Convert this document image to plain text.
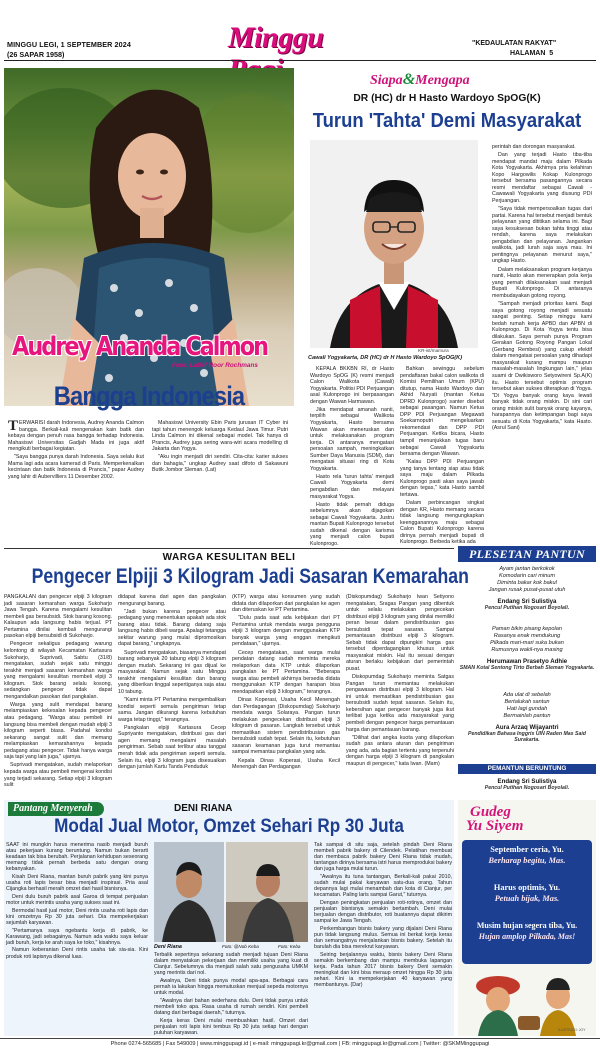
MINGGU LEGI, 1 SEPTEMBER 2024
(26 SAPAR 1958)
Minggu	"KEDAULATAN RAKYAT"
HALAMAN  5
Audrey Ananda Calmon
Foto: Latief Noor Rochmans
Bangga Indonesia

TERWARISI darah Indonesia, Audrey Ananda Calmon bangga. Berkali-kali mengenakan kain batik dan kebaya dengan penuh rasa bangga terhadap Indonesia. Mahasiswi Universitas Gadjah Mada ini juga aktif mengikuti berbagai kegiatan.

"Saya bangga punya darah Indonesia. Saya selalu ikut Mama lagi ada acara kamerad di Paris. Memperkenalkan kecintaan dan batik Indonesia di Prancis," papar Audrey yang lahir di Aubervilliers 11 Desember 2002.

Mahasiswi University Ebin Paris jurusan IT Cyber ini tapi tahun menengok keluarga Kedaul Jawa Timur. Putri Linda Calmon ini dikenal sebagai model. Tak hanya di Prancis, Audrey juga sering wara-wiri acara modelling di Jakarta dan Yogya.

"Aku ingin menjadi diri sendiri. Cita-cita: karier sukses dan bahagia," ungkap Audrey saat difoto di Sakawuni Butik Jombor Sleman. (Lat)

Siapa&Mengapa
DR (HC) dr H Hasto Wardoyo SpOG(K)
Turun 'Tahta' Demi Masyarakat
KR-ist/mamura
Cawali Yogyakarta, DR (HC) dr H Hasto Wardoyo SpOG(K)

KEPALA BKKBN RI, dr Hasto Wardoyo SpOG (K) resmi menjadi Calon Walikota (Cawali) Yogyakarta. Politisi PDI Perjuangan asal Kulonprogo ini berpasangan dengan Wawan Harmawan.

Jika mendapat amanah nanti, terpilih sebagai Walikota Yogyakarta, Hasto bersama Wawan akan meneruskan dan untuk melaksanakan program kerja. Di antaranya mengatasi persoalan sampah, meningkatkan Sumber Daya Manusia (SDM), dan mengatasi situasi ring di Kota Yogyakarta.

Hasto rela 'turun tahta' menjadi Cawali Yogyakarta demi pengabdian dan melayani masyarakat Yogya.

Hasto tidak pernah diduga sebelumnya akan dijagokan sebagai Cawali Yogyakarta. Justru mantan Bupati Kulonprogo tersebut sudah dikenal dengan karisma yang menjadi calon bupati Kulonprogo.

Bahkan sewinggu sebelum pendaftaran bakal calon walikota di Komisi Pemilihan Umum (KPU) ditutup, nama Hasto Wardoyo dan Akhid Nuryati (mantan Ketua DPRD Kulonprogo) santer disebut sebagai pasangan. Namun Ketua DPP PDI Perjuangan Megawati Soekarnoputri mengeluarkan rekomendasi dan DPP PDI Perjuangan. Ketika bicara, Hasto tampil menunjukkan tugas baru sebagai Cawali Yogyakarta bersama dengan Wawan.

"Kalau DPP PDI Perjuangan yang tanya tentang siap atau tidak saya maju dalam Pilkada Kulonprogo pasti akan saya jawab dengan tegas," kata Hasto sambil tertawa.

Dalam perbincangan singkat dengan KR, Hasto memang secara tidak langsung mengungkapkan keengganannya maju sebagai Calon Bupati Kulonprogo karena dirinya pernah menjadi bupati di Kulonprogo. Berbeda ketika ada

perintah dan dorongan masyarakat.

Dan yang terjadi Hasto tiba-tiba mendapat mandat maju dalam Pilkada Kota Yogyakarta. Akhirnya pria kelahiran Kopo Hargowilis Kokap Kulonprogo tersebut bersama pasangannya secara resmi mendaftar sebagai Cawali - Cawawali Yogyakarta yang diusung PDI Perjuangan.

"Saya tidak mempersoalkan tugas dari partai. Karena hal tersebut menjadi bentuk pelayanan yang dititikan selama ini. Bagi saya kesuksesan bukan tahta tinggi atau rendah, karena saya melakukan pengabdian dan pelayanan. Jangankan walikota, jadi lurah saja saya mau. Ini pentingnya pelayanan menurut saya," ungkap Hasto.

Dalam melaksanakan program kerjanya nanti, Hasto akan menerapkan pola kerja yang pernah dilaksanakan saat menjadi Bupati Kulonprogo. Di antaranya membudayakan gotong royong.

"Sampah menjadi prioritas kami. Bagi saya gotong royong menjadi sesuatu sangat penting. Setiap minggu kami bedah rumah kerja APBD dan APBN di Kulonprogo. Di Kota Yogya tentu bisa dilakukan. Saya pernah punya Program Gerakan Gotong Royong Pangan Lokal (Gerbang Rembesi) yang cukup efektif dalam mengatasi persoalan yang dihadapi masyarakat kurang mampu maupun masalah-masalah lingkungan lain," jelas suami dr Dwikisworo Setyowireni Sp.A(K) itu. Hasto tersebut optimis program tersebut akan sukses diterapkan di Yogya. "Di Yogya banyak orang kaya lewati banyak tidak orang miskin. Di sini cari orang miskin sulit banyak orang kayanya, harapannya dan ketimpangan bagi saya sesuatu di Kota Yogyakarta," kata Hasto. (Asrul Sani)

WARGA KESULITAN BELI
Pengecer Elpiji 3 Kilogram Jadi Sasaran Kemarahan

PANGKALAN dan pengecer elpiji 3 kilogram jadi sasaran kemarahan warga Sukoharjo Jawa Tengah. Karena mengalami kesulitan membeli gas bersubsidi. Stok barang kosong. Kalaupun ada langsung habis terjual. PT Pertamina dinilai kembali mengurangi pasokan elpiji bersubsidi di Sukoharjo.

Pengecer sekaligus pedagang warung kelontong di wilayah Kecamatan Kartasura Sukoharjo, Suprivadi, Sabtu (31/8) mengatakan, sudah sejak satu minggu terakhir menjadi sasaran kemarahan warga yang mengalami kesulitan membeli elpiji 3 kilogram. Stok barang selalu kosong, sedangkan pengecer tidak dapat mengandalkan pasokan dari pangkalan.

Warga yang sulit mendapat barang melampiaskan kekesalan kepada pengecer atau pedagang. "Warga atau pembeli ini langsung bisa membeli dengan mudah elpiji 3 kilogram seperti biasa. Padahal kondisi sekarang sangat sulit dan memang melampiaskan kemarahannya kepada pedagang atau pengecer. Tidak hanya warga saja tapi yang lain juga," ujarnya.

Suprivadi mengatakan, sudah melaporkan kepada warga atau pembeli mengenai kondisi yang terjadi sekarang. Setiap elpiji 3 kilogram sulit

didapat karena dari agen dan pangkalan mengurangi barang.

"Jadi bukan karena pengecer atau pedagang yang menentukan apakah ada stok barang atau tidak. Barang datang saja langsung habis dibeli warga. Apalagi tetangga sekitar warung yang mulai dipromosikan dapat barang," ungkapnya.

Suprivadi mengatakan, biasanya mendapat barang sebanyak 20 tabung elpiji 3 kilogram dengan mudah. Sekarang ini gas dijual ke masyarakat. Namun sejak satu Minggu terakhir mengalami kesulitan dan barang yang diberikan tinggal sepertiganya saja atau 10 tabung.

"Kami minta PT Pertamina mengembalikan kondisi seperti semula pengiriman tetap sama. Jangan dikurangi karena kebutuhan warga tetap tinggi," terangnya.

Pangkalan elpiji Kartasura Cecep Supriyanto mengatakan, distribusi gas dari agen memang mengalami masalah pengiriman. Sebab saat terlibur atau tanggal merah tidak ada pengiriman seperti semula. Selain itu, elpiji 3 kilogram juga disesuaikan dengan jumlah Kartu Tanda Penduduk

(KTP) warga atau konsumen yang sudah didata dan dilaporkan dari pangkalan ke agen dan diteruskan ke PT Pertamina.

"Dulu pada saat ada kebijakan dari PT Pertamina untuk mendata warga pengguna elpiji 3 kilogram dengan menggunakan KTP banyak warga yang enggan mengikuti pendataan," ujarnya.

Cecep mengatakan, saat warga mulai pendatan datang sudah meminta mereka melaporkan data KTP untuk dilaporkan pangkalan ke PT Pertamina. "Beberapa warga atau pembeli akhirnya bersedia didata menggunakan KTP dengan harapan bisa mendapatkan elpiji 3 kilogram," terangnya.

Dinas Koperasi, Usaha Kecil Menengah dan Perdagangan (Diskopumdag) Sukoharjo mendata warga Solaraya. Pangan turun melakukan pengecekan distribusi elpiji 3 kilogram di pasaran. Langkah tersebut untuk memastikan sistem pendistribusian gas bersubsidi sudah tepat. Selain itu, kebutuhan sasaran keamanan juga turut memantau sampai memantau pangkalan yang ada.

Kepala Dinas Koperasi, Usaha Kecil Menengah dan Perdagangan

(Diskopumdag) Sukoharjo Iwan Setiyono mengatakan, Sragas Pangan yang dibentuk untuk selalu melakukan pengecekan distribusi elpiji 3 kilogram yang dinilai memiliki peran besar dalam pendistribusian gas bersubsidi tepat sasaran. Sampai pemantauan distribusi elpiji 3 kilogram. Sebab tidak dapat dipungkiri harga gas tersebut diperdagangkan khusus untuk masyarakat miskin. Hal itu sesuai dengan aturan berlaku kebijakan dari pemerintah pusat.

Diskopumdag Sukoharjo meminta Satgas Pangan turun memantau melakukan pengawasan distribusi elpiji 3 kilogram. Hal ini untuk memastikan pendistribusian gas bersubsidi sudah tepat sasaran. Selain itu, kebersihan agar pengecer banyak juga ikut terlibat juga ketika ada masyarakat yang pembeli dengan pengecer harga pemantauan harga dan pemantauan barang.

"Dilihat dari angka kuota yang dilaporkan sudah pas antara aturan dan pengiriman yang ada, ada bagian tertentu yang terpenuhi dengan harga elpiji 3 kilogram di pangkalan maupun di pengecer," kata Iwan. (Mam)

PLESETAN PANTUN
Ayam jantan berkokok
Komodarin cari minum
Diminta bakar kok bakul
Jangan rusak pusat-pusat utuh
Endang Sri Sulistiya
Pencul Putihan Nogosari Boyolali.
Paman bikin pisang kepolan
Rasanya enak mendukung
Pilkada mari-mari suka bukan
Rumusnya wakil-nya masing
Herumawan Prasetyo Adhie
SMAN Kotal Sentong Tirto Berbah Sleman Yogyakarta.
Ada ulat di sebelah
Bertalukah santun
Hati lagi gundah
Bermainlah pantun
Aura Arzaq Wijayantri
Pendidikan Bahasa Inggris UIN Raden Mas Said Surakarta.
PEMANTUN BERUNTUNG
Endang Sri Sulistiya
Pencul Putihan Nogosari Boyolali.
Pantang Menyerah	DENI RIANA
Modal Jual Motor, Omzet Sehari Rp 30 Juta

SAAT ini mungkin harus menerima nasib menjadi buruh atau pekerjaan kurang beruntung. Namun bukan berarti keadaan tak bisa berubah. Perjalanan kehidupan seseorang memang tidak pernah berbeda satu dengan orang kebanyakan.

Kisah Deni Riana, mantan buruh pabrik yang kini punya usaha roti lapis besar bisa menjadi inspirasi. Pria asal Cijangka berhasil meraih omzet dari hasil bisnisnya.

Deni dulu buruh pabrik asal Garoa di tempat penjualan motor untuk merintis usaha yang sukses saat ini.

Bermodal hasil jual motor, Deni rintis usaha roti lapis dan kini omzetnya Rp 30 juta sehari. Dia mempekerjakan sejumlah karyawan.

"Pertamanya saya ngebantu kerja di pabrik, ke Karawang, jadi sebagainya. Namun ada waktu saya keluar jadi buruh, kerja ke arah saya ke toko," kisahnya.

Namun keberanian Deni rintis usaha tak sia-sia. Kini produk roti lapisnya dikenal luas.

Deni Riana	Foto: @Nob Keba	Foto: Keba

Terbalik sepertinya sekarang sudah menjadi tujuan Deni Riana dalam menyatakan pekerjaan dan memiliki usaha yang kuat di Cianjur. Sebelumnya dia menjadi salah satu pengusaha UMKM yang merintis dari nol.

Awalnya, Deni tidak punya modal apa-apa. Berbagai cara pernah ia lakukan hingga memutuskan menjual sepeda motornya untuk modal.

"Awalnya dari bahan sederhana dulu. Deni tidak punya untuk membeli toko apa. Rasa usaha di rumah sendiri. Kini pembeli datang dari berbagai daerah," tuturnya.

Kerja keras Deni mulai membuahkan hasil. Omzet dari penjualan roti lapis kini tembus Rp 30 juta setiap hari dengan puluhan karyawan.

Tak sampai di situ saja, setelah pindah Deni Riana membeli pabrik bakery di Cilendek. Pelatihan membuat dan membaca pabrik bakery Deni Riana tidak mudah, tantangan dirinya bersama istri harus memproduksi bakery dan juga harga mulai turun.

"Awalnya itu tuna tantangan, Berkali-kali pakai 2010, sudah mulai pakai karyawan satu-dua orang. Tahun depannya lagi mulai menambah dan kota di Cianjur, per kecamatan. Paling laris sampai Garut," tuturnya.

Dengan peningkatan penjualan roti-rotinya, omzet dan penjualan bisnisnya semakin bertambah. Deni mulai berjualan dengan distributor, roti buatannya dapat dikirim sampai ke Jawa Tengah.

Perkembangan bisnis bakery yang dijalani Deni Riana pun tidak langsung mulus. Semua ini berkat kerja keras dan semangatnya menjalankan bisnis bakery. Setelah itu barulah dia bisa merekrut karyawan.

Seiring berjalannya waktu, bisnis bakery Deni Riana semakin berkembang dan mampu membuka lapangan kerja. Pada tahun 2017 bisnis bakery Deni semakin meningkat dan kini bisa meraup omzet hingga Rp 30 juta sehari. Kini ia mempekerjakan 40 karyawan yang membantunya. (Dar)

Gudeg
Yu Siyem
September ceria, Yu.
Berharap begitu, Mas.
Harus optimis, Yu.
Petuah bijak, Mas.
Musim hujan segera tiba, Yu.
Hujan amplop Pilkada, Mas!
ILUSTRASI: JOY
Phone 0274-565685 | Fax 549009 | www.minggupagi.id | e-mail: minggupagi.kr@gmail.com | FB: minggupagi.kr@gmail.com | Twitter: @SKMMinggupagi
